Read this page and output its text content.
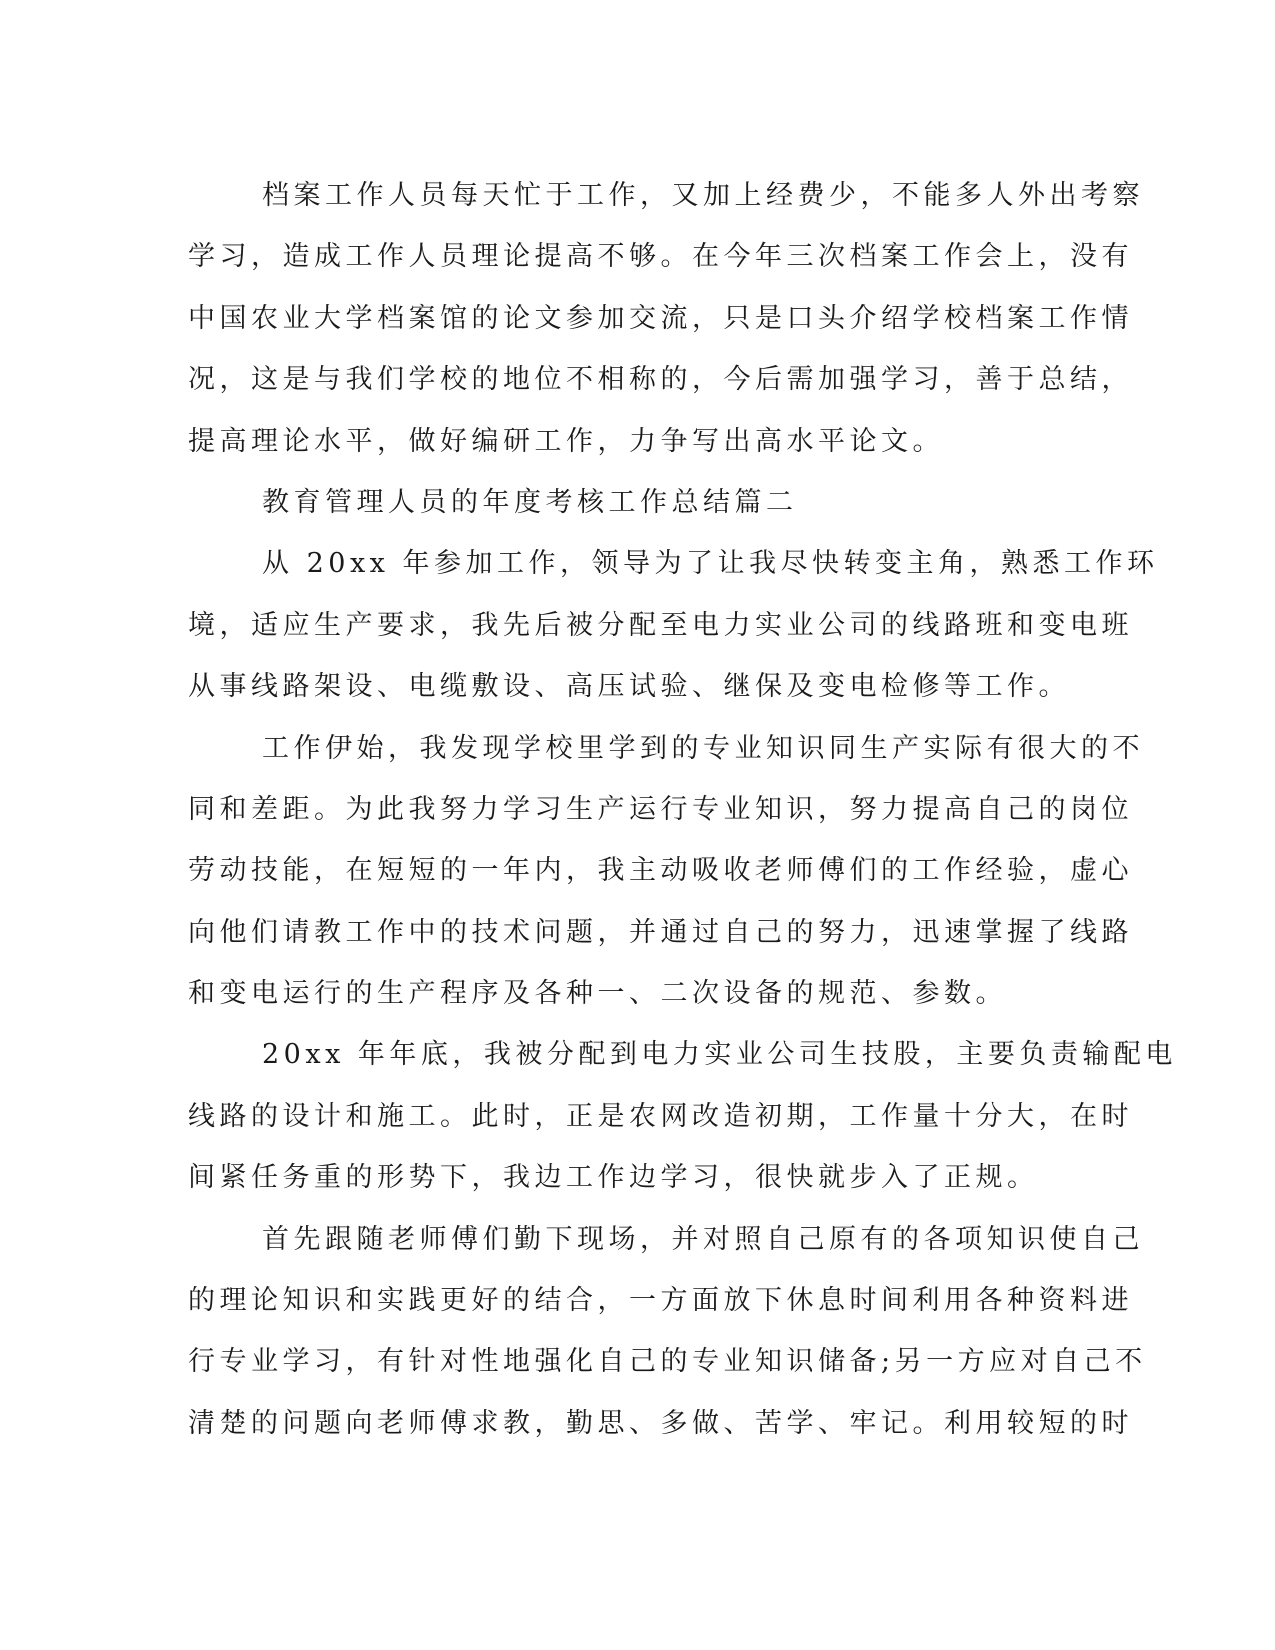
档案工作人员每天忙于工作，又加上经费少，不能多人外出考察
学习，造成工作人员理论提高不够。在今年三次档案工作会上，没有
中国农业大学档案馆的论文参加交流，只是口头介绍学校档案工作情
况，这是与我们学校的地位不相称的，今后需加强学习，善于总结，
提高理论水平，做好编研工作，力争写出高水平论文。
教育管理人员的年度考核工作总结篇二
从 20xx 年参加工作，领导为了让我尽快转变主角，熟悉工作环
境，适应生产要求，我先后被分配至电力实业公司的线路班和变电班
从事线路架设、电缆敷设、高压试验、继保及变电检修等工作。
工作伊始，我发现学校里学到的专业知识同生产实际有很大的不
同和差距。为此我努力学习生产运行专业知识，努力提高自己的岗位
劳动技能，在短短的一年内，我主动吸收老师傅们的工作经验，虚心
向他们请教工作中的技术问题，并通过自己的努力，迅速掌握了线路
和变电运行的生产程序及各种一、二次设备的规范、参数。
20xx 年年底，我被分配到电力实业公司生技股，主要负责输配电
线路的设计和施工。此时，正是农网改造初期，工作量十分大，在时
间紧任务重的形势下，我边工作边学习，很快就步入了正规。
首先跟随老师傅们勤下现场，并对照自己原有的各项知识使自己
的理论知识和实践更好的结合，一方面放下休息时间利用各种资料进
行专业学习，有针对性地强化自己的专业知识储备;另一方应对自己不
清楚的问题向老师傅求教，勤思、多做、苦学、牢记。利用较短的时
